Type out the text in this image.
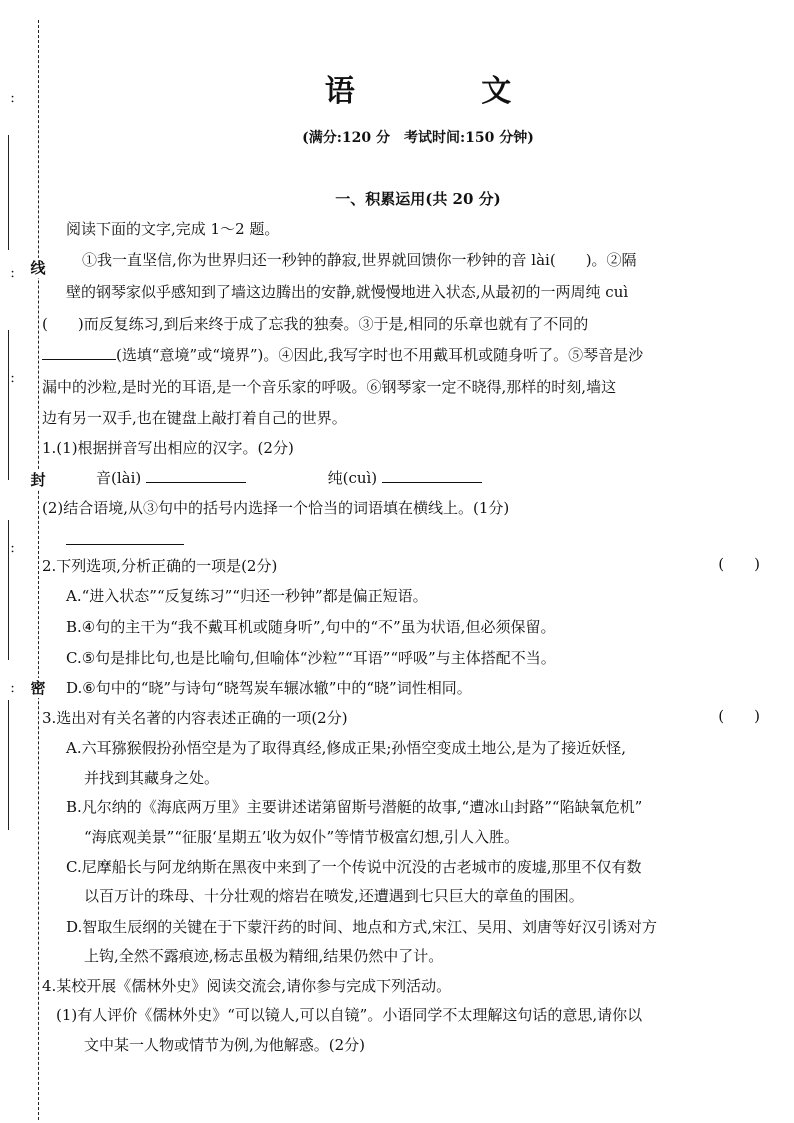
：
：
：
：
：
线
封
密
语 文
(满分:120 分　考试时间:150 分钟)
一、积累运用(共 20 分)
阅读下面的文字,完成 1～2 题。
①我一直坚信,你为世界归还一秒钟的静寂,世界就回馈你一秒钟的音 lài(　　)。②隔
壁的钢琴家似乎感知到了墙这边腾出的安静,就慢慢地进入状态,从最初的一两周纯 cuì
(　　)而反复练习,到后来终于成了忘我的独奏。③于是,相同的乐章也就有了不同的
(选填“意境”或“境界”)。④因此,我写字时也不用戴耳机或随身听了。⑤琴音是沙
漏中的沙粒,是时光的耳语,是一个音乐家的呼吸。⑥钢琴家一定不晓得,那样的时刻,墙这
边有另一双手,也在键盘上敲打着自己的世界。
1.(1)根据拼音写出相应的汉字。(2分)
音(lài)	纯(cuì)
(2)结合语境,从③句中的括号内选择一个恰当的词语填在横线上。(1分)
2.下列选项,分析正确的一项是(2分)	(　　)
A.“进入状态”“反复练习”“归还一秒钟”都是偏正短语。
B.④句的主干为“我不戴耳机或随身听”,句中的“不”虽为状语,但必须保留。
C.⑤句是排比句,也是比喻句,但喻体“沙粒”“耳语”“呼吸”与主体搭配不当。
D.⑥句中的“晓”与诗句“晓驾炭车辗冰辙”中的“晓”词性相同。
3.选出对有关名著的内容表述正确的一项(2分)	(　　)
A.六耳猕猴假扮孙悟空是为了取得真经,修成正果;孙悟空变成土地公,是为了接近妖怪,
并找到其藏身之处。
B.凡尔纳的《海底两万里》主要讲述诺第留斯号潜艇的故事,“遭冰山封路”“陷缺氧危机”
“海底观美景”“征服‘星期五’收为奴仆”等情节极富幻想,引人入胜。
C.尼摩船长与阿龙纳斯在黑夜中来到了一个传说中沉没的古老城市的废墟,那里不仅有数
以百万计的珠母、十分壮观的熔岩在喷发,还遭遇到七只巨大的章鱼的围困。
D.智取生辰纲的关键在于下蒙汗药的时间、地点和方式,宋江、吴用、刘唐等好汉引诱对方
上钩,全然不露痕迹,杨志虽极为精细,结果仍然中了计。
4.某校开展《儒林外史》阅读交流会,请你参与完成下列活动。
(1)有人评价《儒林外史》“可以镜人,可以自镜”。小语同学不太理解这句话的意思,请你以
文中某一人物或情节为例,为他解惑。(2分)
